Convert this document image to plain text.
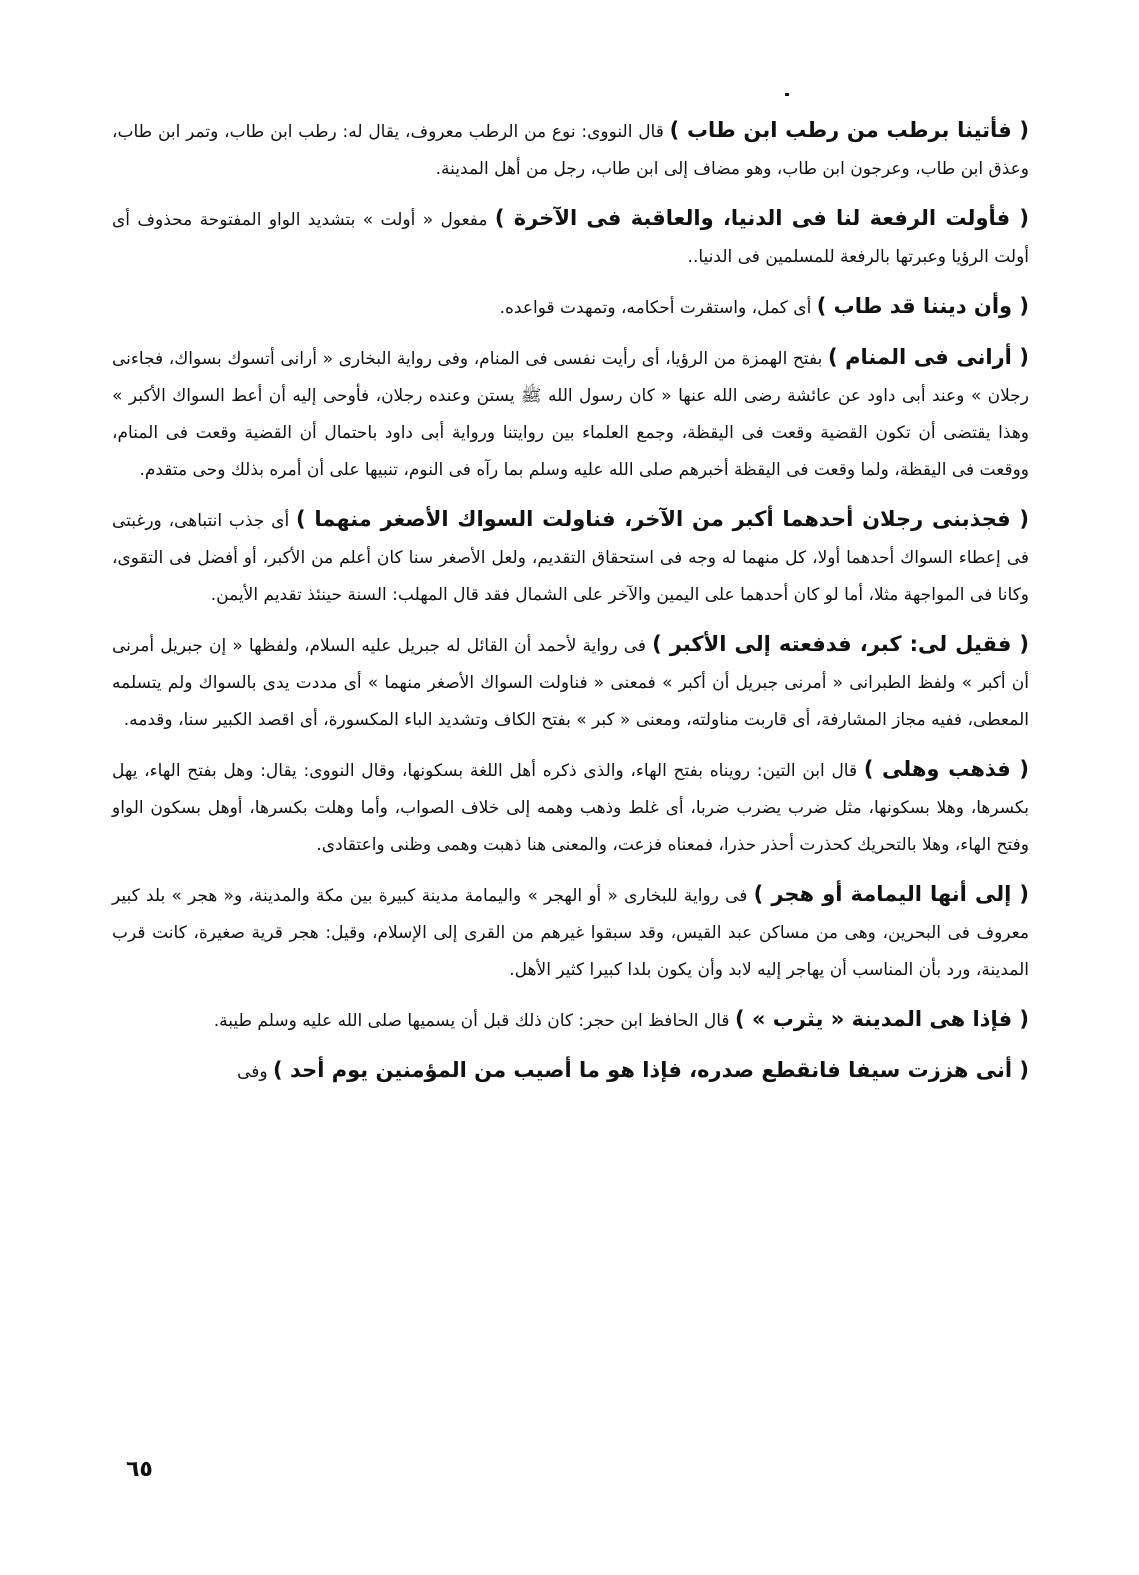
( فأتينا برطب من رطب ابن طاب ) قال النووى: نوع من الرطب معروف، يقال له: رطب ابن طاب، وتمر ابن طاب، وعذق ابن طاب، وعرجون ابن طاب، وهو مضاف إلى ابن طاب، رجل من أهل المدينة.

( فأولت الرفعة لنا فى الدنيا، والعاقبة فى الآخرة ) مفعول « أولت » بتشديد الواو المفتوحة محذوف أى أولت الرؤيا وعبرتها بالرفعة للمسلمين فى الدنيا..

( وأن ديننا قد طاب ) أى كمل، واستقرت أحكامه، وتمهدت قواعده.

( أرانى فى المنام ) بفتح الهمزة من الرؤيا، أى رأيت نفسى فى المنام، وفى رواية البخارى « أرانى أتسوك بسواك، فجاءنى رجلان » وعند أبى داود عن عائشة رضى الله عنها « كان رسول الله ﷺ يستن وعنده رجلان، فأوحى إليه أن أعط السواك الأكبر » وهذا يقتضى أن تكون القضية وقعت فى اليقظة، وجمع العلماء بين روايتنا ورواية أبى داود باحتمال أن القضية وقعت فى المنام، ووقعت فى اليقظة، ولما وقعت فى اليقظة أخبرهم صلى الله عليه وسلم بما رآه فى النوم، تنبيها على أن أمره بذلك وحى متقدم.

( فجذبنى رجلان أحدهما أكبر من الآخر، فناولت السواك الأصغر منهما ) أى جذب انتباهى، ورغبتى فى إعطاء السواك أحدهما أولا، كل منهما له وجه فى استحقاق التقديم، ولعل الأصغر سنا كان أعلم من الأكبر، أو أفضل فى التقوى، وكانا فى المواجهة مثلا، أما لو كان أحدهما على اليمين والآخر على الشمال فقد قال المهلب: السنة حينئذ تقديم الأيمن.

( فقيل لى: كبر، فدفعته إلى الأكبر ) فى رواية لأحمد أن القائل له جبريل عليه السلام، ولفظها « إن جبريل أمرنى أن أكبر » ولفظ الطبرانى « أمرنى جبريل أن أكبر » فمعنى « فناولت السواك الأصغر منهما » أى مددت يدى بالسواك ولم يتسلمه المعطى، ففيه مجاز المشارفة، أى قاربت مناولته، ومعنى « كبر » بفتح الكاف وتشديد الباء المكسورة، أى اقصد الكبير سنا، وقدمه.

( فذهب وهلى ) قال ابن التين: رويناه بفتح الهاء، والذى ذكره أهل اللغة بسكونها، وقال النووى: يقال: وهل بفتح الهاء، يهل بكسرها، وهلا بسكونها، مثل ضرب يضرب ضربا، أى غلط وذهب وهمه إلى خلاف الصواب، وأما وهلت بكسرها، أوهل بسكون الواو وفتح الهاء، وهلا بالتحريك كحذرت أحذر حذرا، فمعناه فزعت، والمعنى هنا ذهبت وهمى وظنى واعتقادى.

( إلى أنها اليمامة أو هجر ) فى رواية للبخارى « أو الهجر » واليمامة مدينة كبيرة بين مكة والمدينة، و« هجر » بلد كبير معروف فى البحرين، وهى من مساكن عبد القيس، وقد سبقوا غيرهم من القرى إلى الإسلام، وقيل: هجر قرية صغيرة، كانت قرب المدينة، ورد بأن المناسب أن يهاجر إليه لابد وأن يكون بلدا كبيرا كثير الأهل.

( فإذا هى المدينة « يثرب » ) قال الحافظ ابن حجر: كان ذلك قبل أن يسميها صلى الله عليه وسلم طيبة.

( أنى هززت سيفا فانقطع صدره، فإذا هو ما أصيب من المؤمنين يوم أحد ) وفى

٦٥
